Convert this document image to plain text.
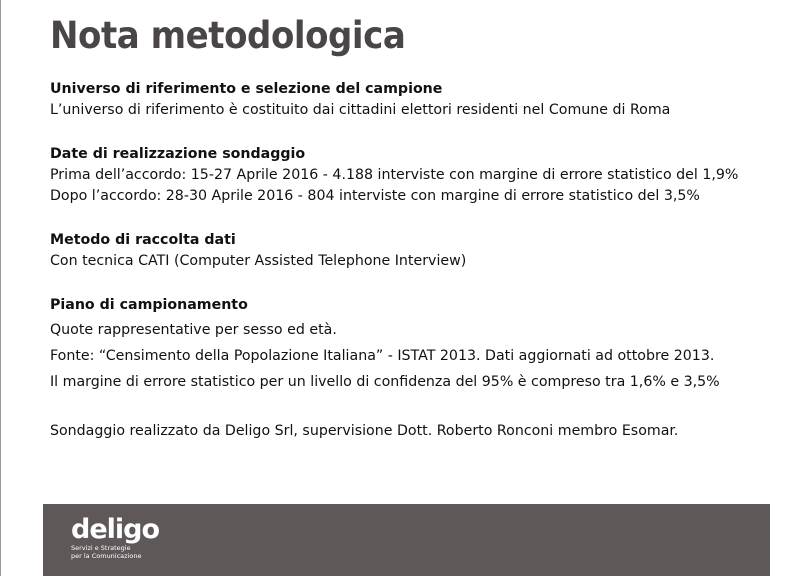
Nota metodologica
Universo di riferimento e selezione del campione
L’universo di riferimento è costituito dai cittadini elettori residenti nel Comune di Roma
Date di realizzazione sondaggio
Prima dell’accordo: 15-27 Aprile 2016 - 4.188 interviste con margine di errore statistico del 1,9%
Dopo l’accordo: 28-30 Aprile 2016 - 804 interviste con margine di errore statistico del 3,5%
Metodo di raccolta dati
Con tecnica CATI (Computer Assisted Telephone Interview)
Piano di campionamento
Quote rappresentative per sesso ed età.
Fonte: “Censimento della Popolazione Italiana” - ISTAT 2013. Dati aggiornati ad ottobre 2013.
Il margine di errore statistico per un livello di confidenza del 95% è compreso tra 1,6% e 3,5%
Sondaggio realizzato da Deligo Srl, supervisione Dott. Roberto Ronconi membro Esomar.
deligo
Servizi e Strategie
per la Comunicazione
